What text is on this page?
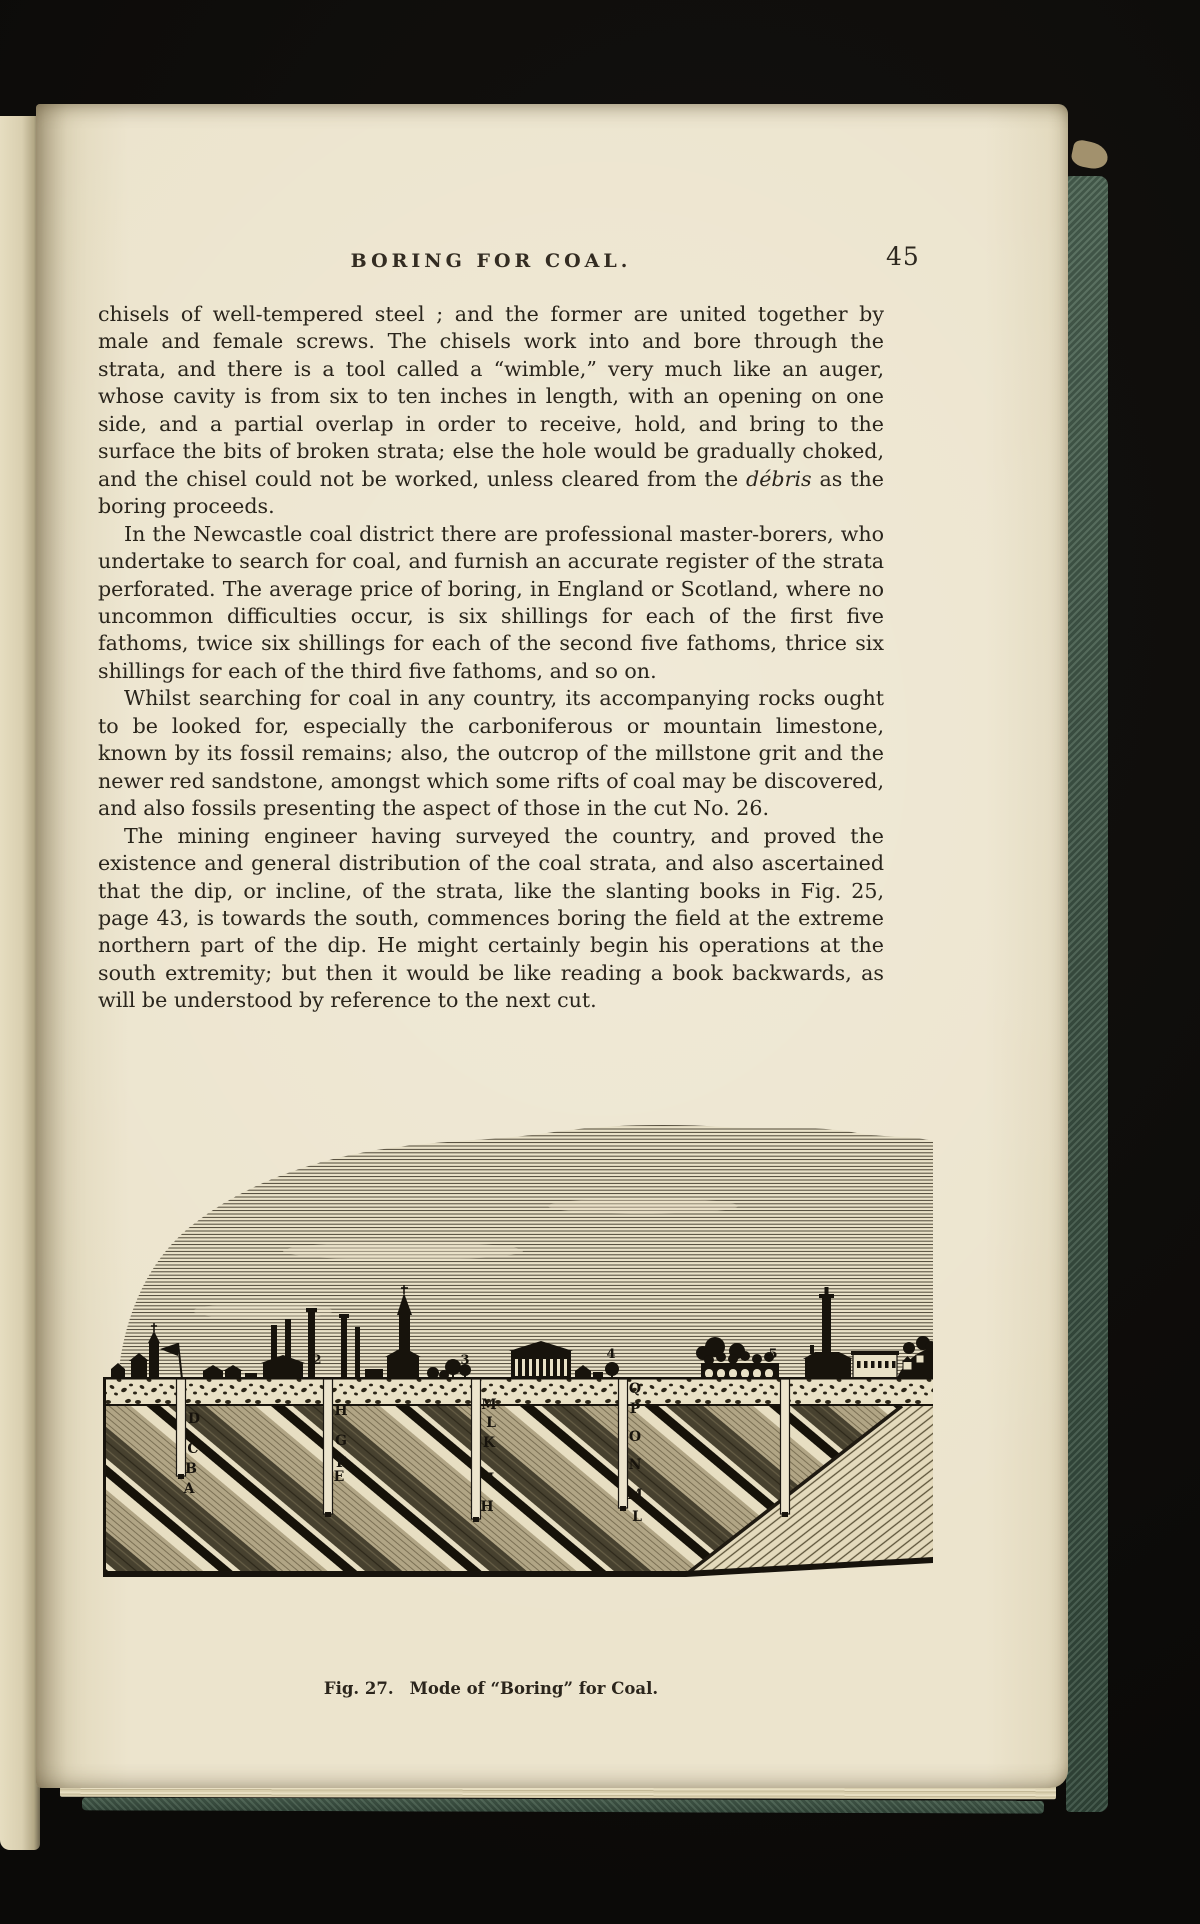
BORING FOR COAL.	45

chisels of well-tempered steel ; and the former are united together by male and female screws. The chisels work into and bore through the strata, and there is a tool called a “wimble,” very much like an auger, whose cavity is from six to ten inches in length, with an opening on one side, and a partial overlap in order to receive, hold, and bring to the surface the bits of broken strata; else the hole would be gradually choked, and the chisel could not be worked, unless cleared from the débris as the boring proceeds.

In the Newcastle coal district there are professional master-borers, who undertake to search for coal, and furnish an accurate register of the strata perforated. The average price of boring, in England or Scotland, where no uncommon difficulties occur, is six shillings for each of the first five fathoms, twice six shillings for each of the second five fathoms, thrice six shillings for each of the third five fathoms, and so on.

Whilst searching for coal in any country, its accompanying rocks ought to be looked for, especially the carboniferous or mountain limestone, known by its fossil remains; also, the outcrop of the millstone grit and the newer red sandstone, amongst which some rifts of coal may be discovered, and also fossils presenting the aspect of those in the cut No. 26.

The mining engineer having surveyed the country, and proved the existence and general distribution of the coal strata, and also ascertained that the dip, or incline, of the strata, like the slanting books in Fig. 25, page 43, is towards the south, commences boring the field at the extreme northern part of the dip. He might certainly begin his operations at the south extremity; but then it would be like reading a book backwards, as will be understood by reference to the next cut.

2	3	4	5
D
C
B
A
H
G
F
E
M
L
K
I
H
Q
P
O
N
M
L
Fig. 27. Mode of “Boring” for Coal.
